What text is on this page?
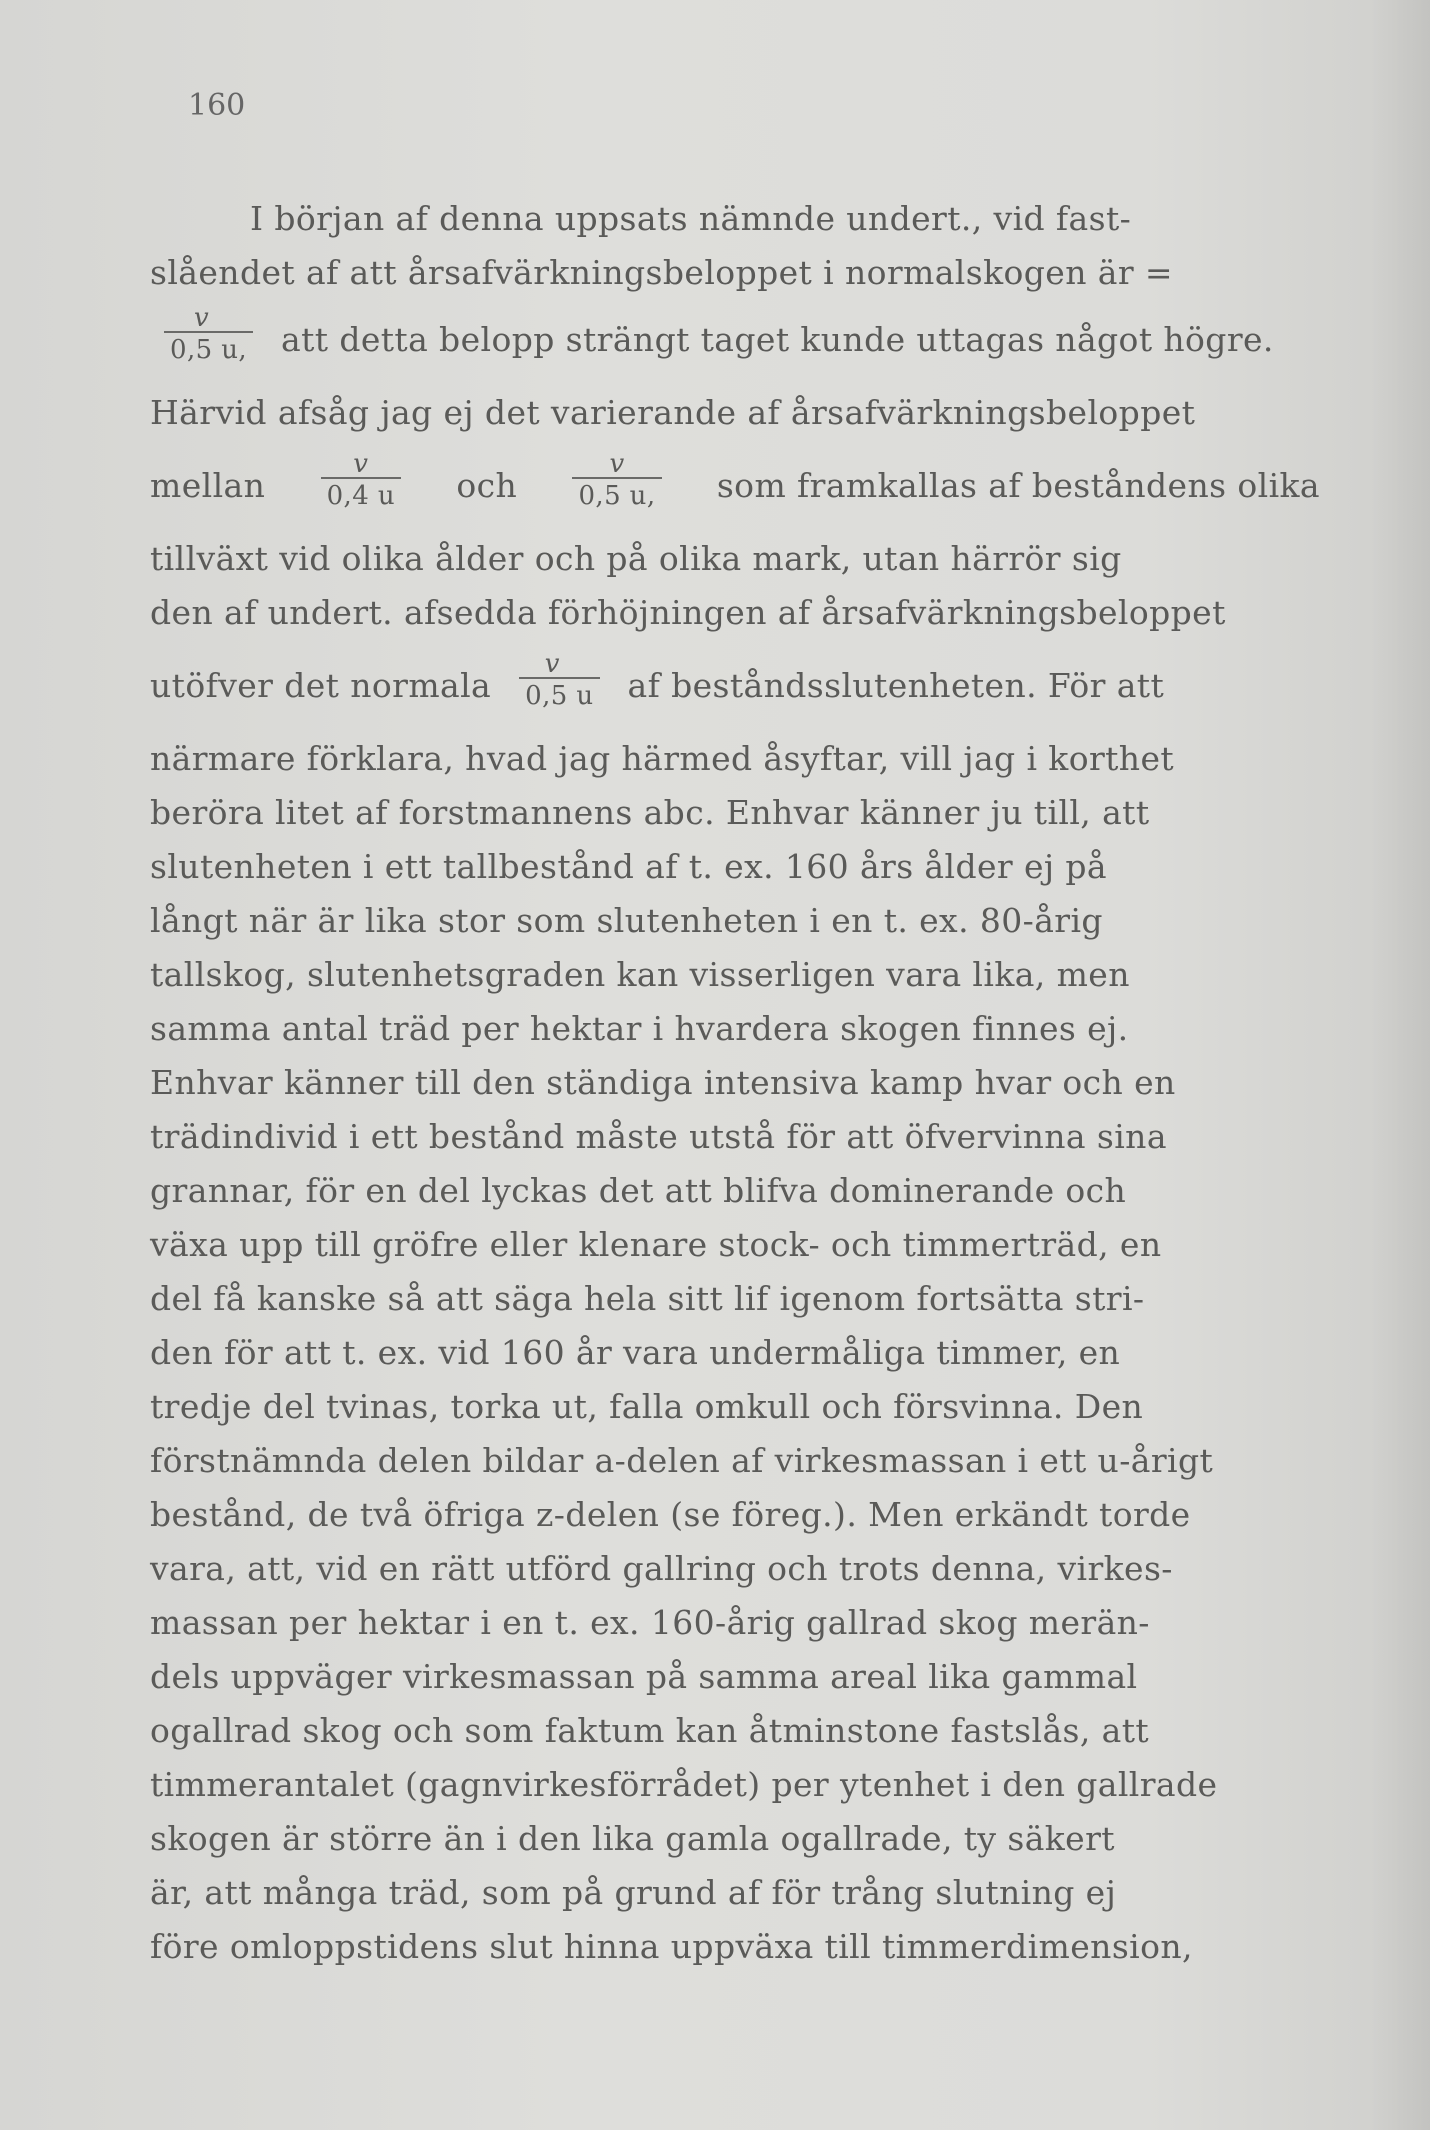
160
I början af denna uppsats nämnde undert., vid fast-
slåendet af att årsafvärkningsbeloppet i normalskogen är =
$\frac{v}{0,5 u,}$ att detta belopp strängt taget kunde uttagas något högre.
Härvid afsåg jag ej det varierande af årsafvärkningsbeloppet
mellan $\frac{v}{0,4 u}$ och $\frac{v}{0,5 u,}$ som framkallas af beståndens olika
tillväxt vid olika ålder och på olika mark, utan härrör sig
den af undert. afsedda förhöjningen af årsafvärkningsbeloppet
utöfver det normala $\frac{v}{0,5 u}$ af beståndsslutenheten. För att
närmare förklara, hvad jag härmed åsyftar, vill jag i korthet
beröra litet af forstmannens abc. Enhvar känner ju till, att
slutenheten i ett tallbestånd af t. ex. 160 års ålder ej på
långt när är lika stor som slutenheten i en t. ex. 80-årig
tallskog, slutenhetsgraden kan visserligen vara lika, men
samma antal träd per hektar i hvardera skogen finnes ej.
Enhvar känner till den ständiga intensiva kamp hvar och en
trädindivid i ett bestånd måste utstå för att öfvervinna sina
grannar, för en del lyckas det att blifva dominerande och
växa upp till gröfre eller klenare stock- och timmerträd, en
del få kanske så att säga hela sitt lif igenom fortsätta stri-
den för att t. ex. vid 160 år vara undermåliga timmer, en
tredje del tvinas, torka ut, falla omkull och försvinna. Den
förstnämnda delen bildar a-delen af virkesmassan i ett u-årigt
bestånd, de två öfriga z-delen (se föreg.). Men erkändt torde
vara, att, vid en rätt utförd gallring och trots denna, virkes-
massan per hektar i en t. ex. 160-årig gallrad skog merän-
dels uppväger virkesmassan på samma areal lika gammal
ogallrad skog och som faktum kan åtminstone fastslås, att
timmerantalet (gagnvirkesförrådet) per ytenhet i den gallrade
skogen är större än i den lika gamla ogallrade, ty säkert
är, att många träd, som på grund af för trång slutning ej
före omloppstidens slut hinna uppväxa till timmerdimension,
